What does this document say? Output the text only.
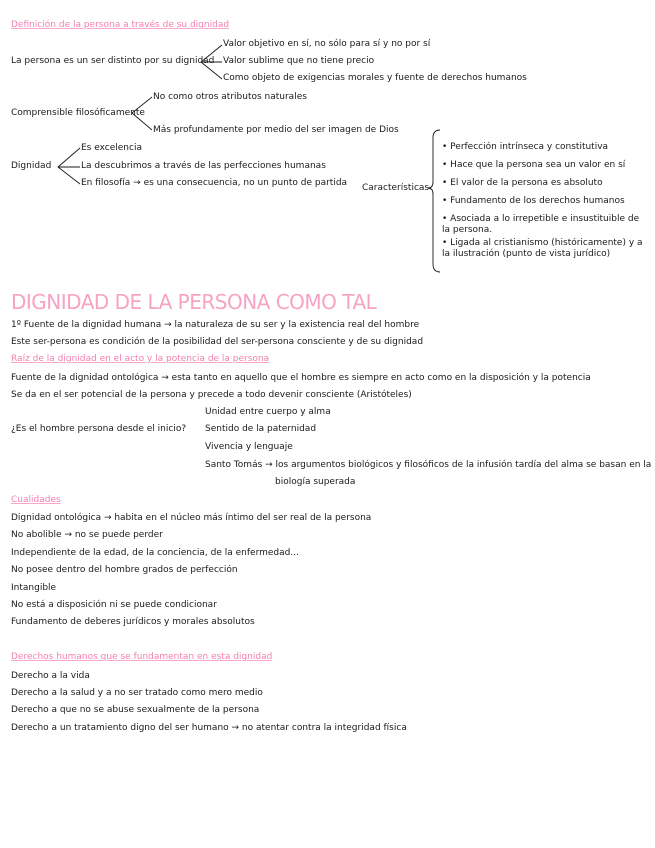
Definición de la persona a través de su dignidad
La persona es un ser distinto por su dignidad
Valor objetivo en sí, no sólo para sí y no por sí
Valor sublime que no tiene precio
Como objeto de exigencias morales y fuente de derechos humanos
Comprensible filosóficamente
No como otros atributos naturales
Más profundamente por medio del ser imagen de Dios
Dignidad
Es excelencia
La descubrimos a través de las perfecciones humanas
En filosofía → es una consecuencia, no un punto de partida Características
• Perfección intrínseca y constitutiva
• Hace que la persona sea un valor en sí
• El valor de la persona es absoluto
• Fundamento de los derechos humanos
• Asociada a lo irrepetible e insustituible de la persona.
• Ligada al cristianismo (históricamente) y a la ilustración (punto de vista jurídico)
DIGNIDAD DE LA PERSONA COMO TAL
1º Fuente de la dignidad humana → la naturaleza de su ser y la existencia real del hombre
Este ser-persona es condición de la posibilidad del ser-persona consciente y de su dignidad
Raíz de la dignidad en el acto y la potencia de la persona
Fuente de la dignidad ontológica → esta tanto en aquello que el hombre es siempre en acto como en la disposición y la potencia
Se da en el ser potencial de la persona y precede a todo devenir consciente (Aristóteles)
¿Es el hombre persona desde el inicio?
Unidad entre cuerpo y alma
Sentido de la paternidad
Vivencia y lenguaje
Santo Tomás → los argumentos biológicos y filosóficos de la infusión tardía del alma se basan en la
biología superada
Cualidades
Dignidad ontológica → habita en el núcleo más íntimo del ser real de la persona
No abolible → no se puede perder
Independiente de la edad, de la conciencia, de la enfermedad...
No posee dentro del hombre grados de perfección
Intangible
No está a disposición ni se puede condicionar
Fundamento de deberes jurídicos y morales absolutos
Derechos humanos que se fundamentan en esta dignidad
Derecho a la vida
Derecho a la salud y a no ser tratado como mero medio
Derecho a que no se abuse sexualmente de la persona
Derecho a un tratamiento digno del ser humano → no atentar contra la integridad física
